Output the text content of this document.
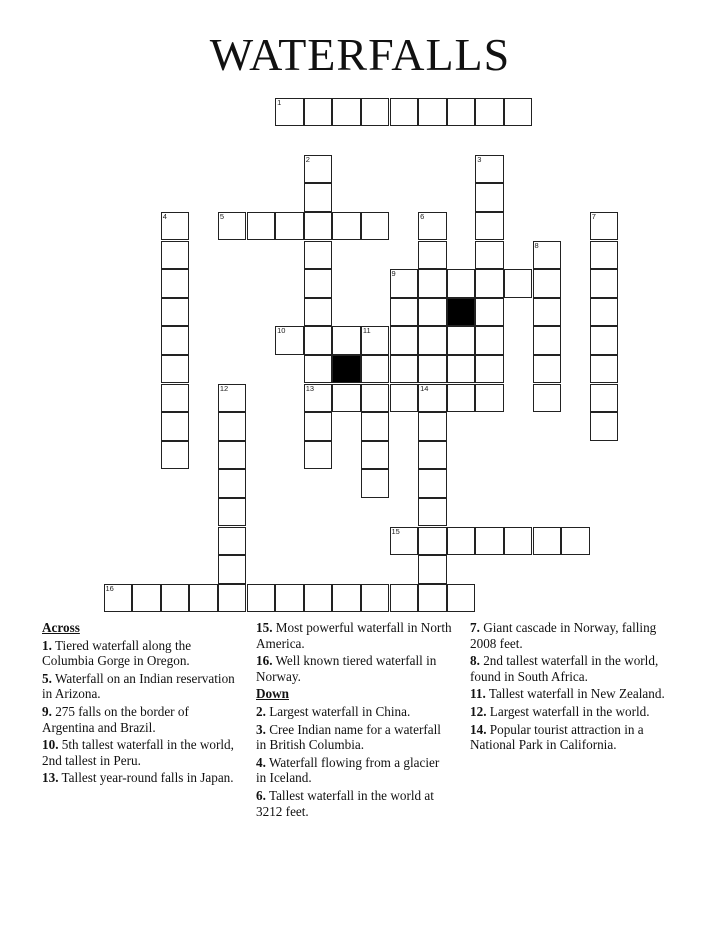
WATERFALLS
1
2
13
3
4	5	6	7
8
9
10	11
12	14
15
16
Across
1. Tiered waterfall along the Columbia Gorge in Oregon.
5. Waterfall on an Indian reservation in Arizona.
9. 275 falls on the border of Argentina and Brazil.
10. 5th tallest waterfall in the world, 2nd tallest in Peru.
13. Tallest year-round falls in Japan.
15. Most powerful waterfall in North America.
16. Well known tiered waterfall in Norway.
Down
2. Largest waterfall in China.
3. Cree Indian name for a waterfall in British Columbia.
4. Waterfall flowing from a glacier in Iceland.
6. Tallest waterfall in the world at 3212 feet.
7. Giant cascade in Norway, falling 2008 feet.
8. 2nd tallest waterfall in the world, found in South Africa.
11. Tallest waterfall in New Zealand.
12. Largest waterfall in the world.
14. Popular tourist attraction in a National Park in California.
